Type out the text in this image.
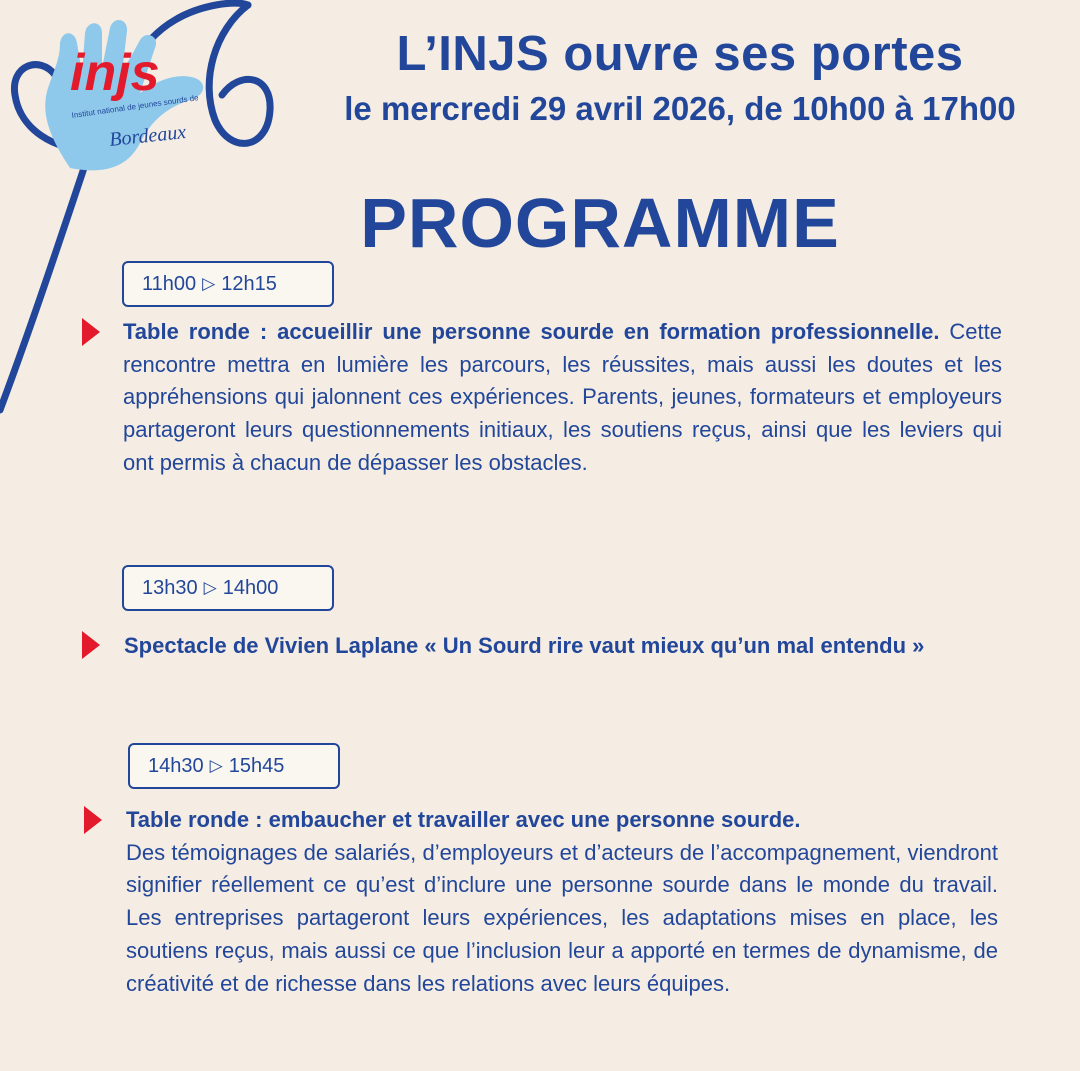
injs
Institut national de jeunes sourds de
Bordeaux
L’INJS ouvre ses portes
le mercredi 29 avril 2026, de 10h00 à 17h00
PROGRAMME
11h00 ▷ 12h15
Table ronde : accueillir une personne sourde en formation professionnelle. Cette rencontre mettra en lumière les parcours, les réussites, mais aussi les doutes et les appréhensions qui jalonnent ces expériences. Parents, jeunes, formateurs et employeurs partageront leurs questionnements initiaux, les soutiens reçus, ainsi que les leviers qui ont permis à chacun de dépasser les obstacles.
13h30 ▷ 14h00
Spectacle de Vivien Laplane « Un Sourd rire vaut mieux qu’un mal entendu »
14h30 ▷ 15h45
Table ronde : embaucher et travailler avec une personne sourde.
Des témoignages de salariés, d’employeurs et d’acteurs de l’accompagnement, viendront signifier réellement ce qu’est d’inclure une personne sourde dans le monde du travail. Les entreprises partageront leurs expériences, les adaptations mises en place, les soutiens reçus, mais aussi ce que l’inclusion leur a apporté en termes de dynamisme, de créativité et de richesse dans les relations avec leurs équipes.
